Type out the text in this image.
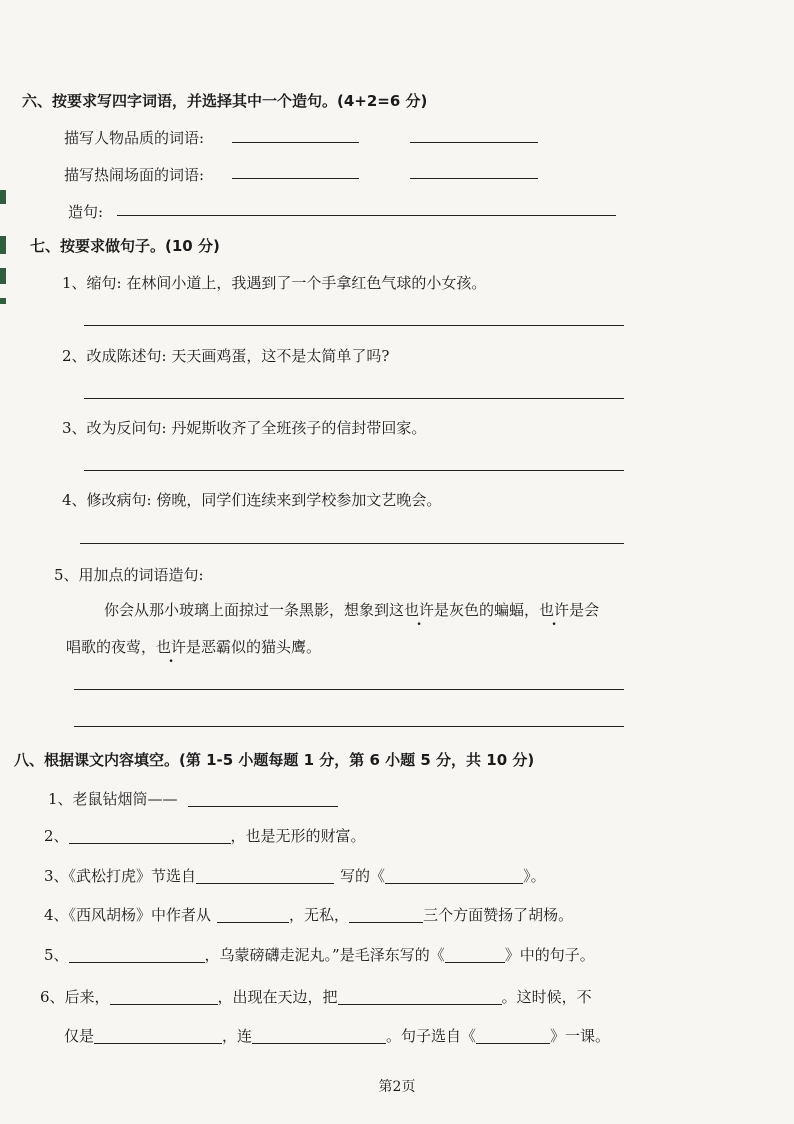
六、按要求写四字词语，并选择其中一个造句。(4+2=6 分)
描写人物品质的词语:
描写热闹场面的词语:
造句:
七、按要求做句子。(10 分)
1、缩句: 在林间小道上，我遇到了一个手拿红色气球的小女孩。
2、改成陈述句: 天天画鸡蛋，这不是太简单了吗?
3、改为反问句: 丹妮斯收齐了全班孩子的信封带回家。
4、修改病句: 傍晚，同学们连续来到学校参加文艺晚会。
5、用加点的词语造句:
你会从那小玻璃上面掠过一条黑影，想象到这也许是灰色的蝙蝠，也许是会
唱歌的夜莺，也许是恶霸似的猫头鹰。
八、根据课文内容填空。(第 1-5 小题每题 1 分，第 6 小题 5 分，共 10 分)
1、老鼠钻烟筒——
2、	，也是无形的财富。
3、《武松打虎》节选自	写的《	》。
4、《西风胡杨》中作者从	，无私，	三个方面赞扬了胡杨。
5、	，乌蒙磅礴走泥丸。”是毛泽东写的《	》中的句子。
6、后来，	，出现在天边，把	。这时候，不
仅是	，连	。句子选自《	》一课。
第2页
